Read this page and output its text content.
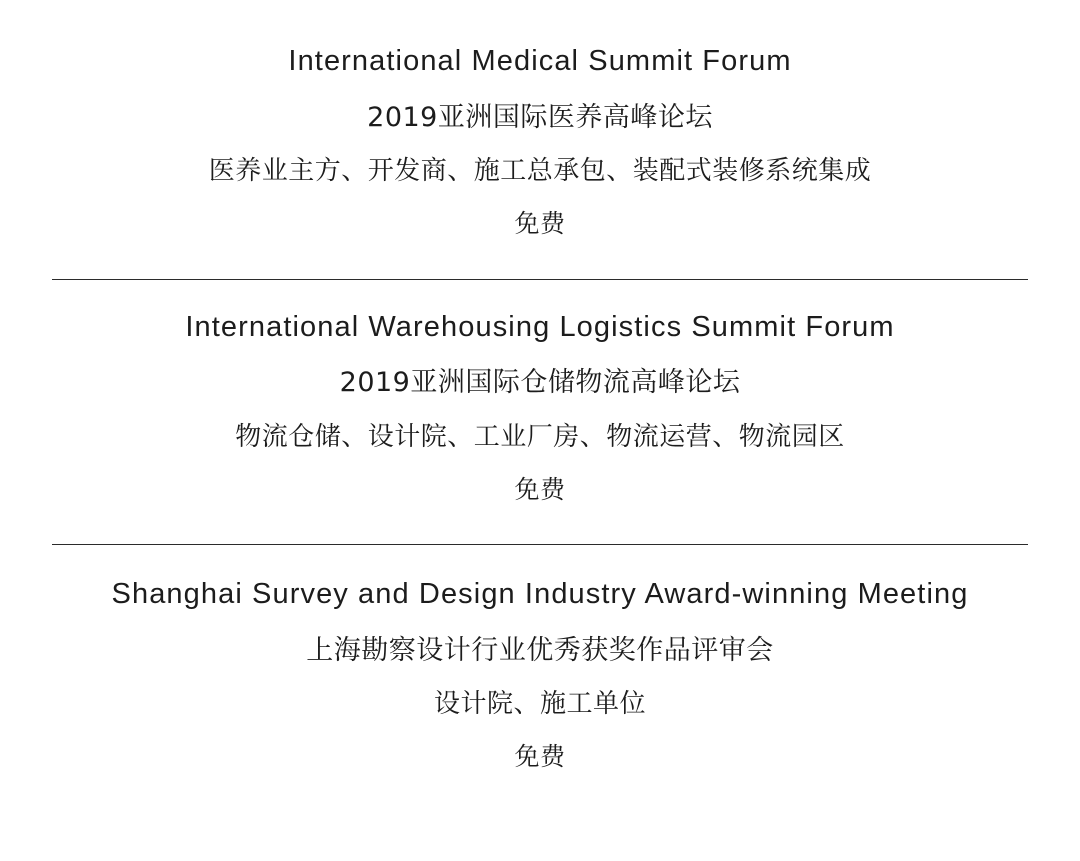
International Medical Summit Forum

2019亚洲国际医养高峰论坛

医养业主方、开发商、施工总承包、装配式装修系统集成

免费

International Warehousing Logistics Summit Forum

2019亚洲国际仓储物流高峰论坛

物流仓储、设计院、工业厂房、物流运营、物流园区

免费

Shanghai Survey and Design Industry Award-winning Meeting

上海勘察设计行业优秀获奖作品评审会

设计院、施工单位

免费
